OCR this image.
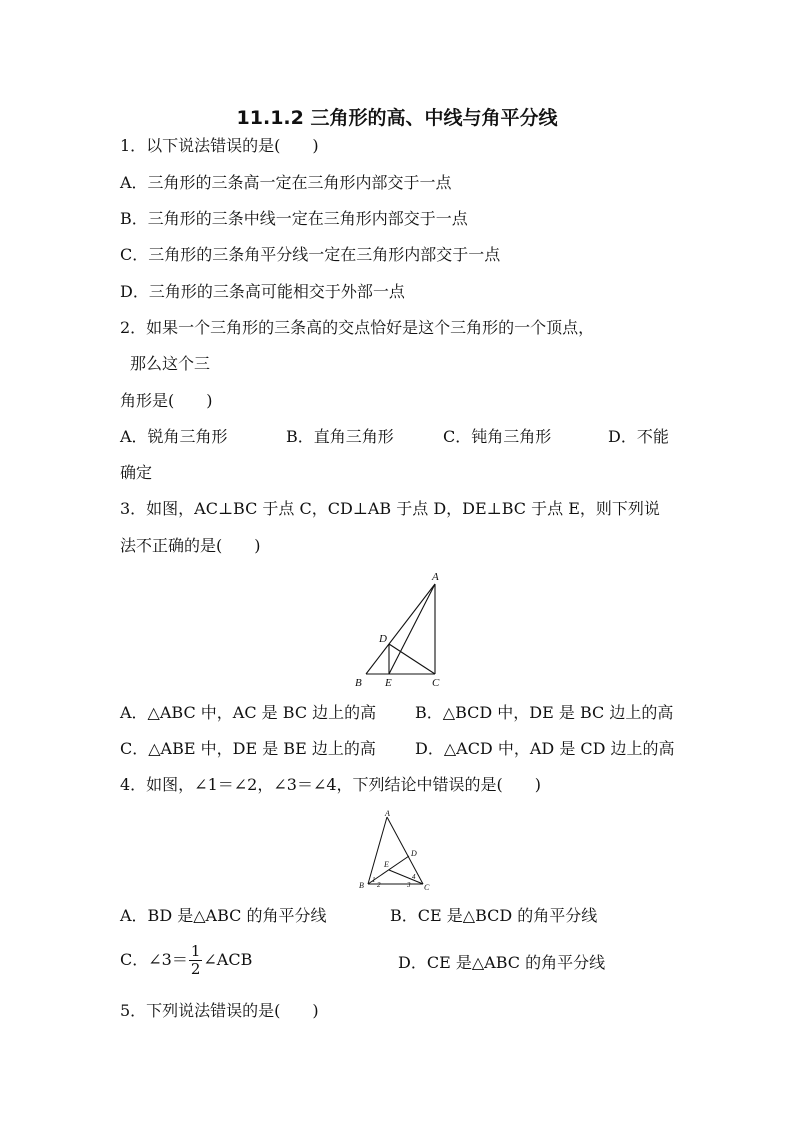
11.1.2 三角形的高、中线与角平分线
1．以下说法错误的是(　　)
A．三角形的三条高一定在三角形内部交于一点
B．三角形的三条中线一定在三角形内部交于一点
C．三角形的三条角平分线一定在三角形内部交于一点
D．三角形的三条高可能相交于外部一点
2．如果一个三角形的三条高的交点恰好是这个三角形的一个顶点，
那么这个三
角形是(　　)
A．锐角三角形	B．直角三角形	C．钝角三角形	D．不能
确定
3．如图，AC⊥BC 于点 C，CD⊥AB 于点 D，DE⊥BC 于点 E，则下列说
法不正确的是(　　)
A
B	C
D
E
A．△ABC 中，AC 是 BC 边上的高 B．△BCD 中，DE 是 BC 边上的高
C．△ABE 中，DE 是 BE 边上的高 D．△ACD 中，AD 是 CD 边上的高
4．如图，∠1＝∠2，∠3＝∠4，下列结论中错误的是(　　)
A
B	C
D
E
1
2	3
4
A．BD 是△ABC 的角平分线	B．CE 是△BCD 的角平分线
C．∠3＝ $\frac{1}{2}$ ∠ACB	D．CE 是△ABC 的角平分线
5．下列说法错误的是(　　)
